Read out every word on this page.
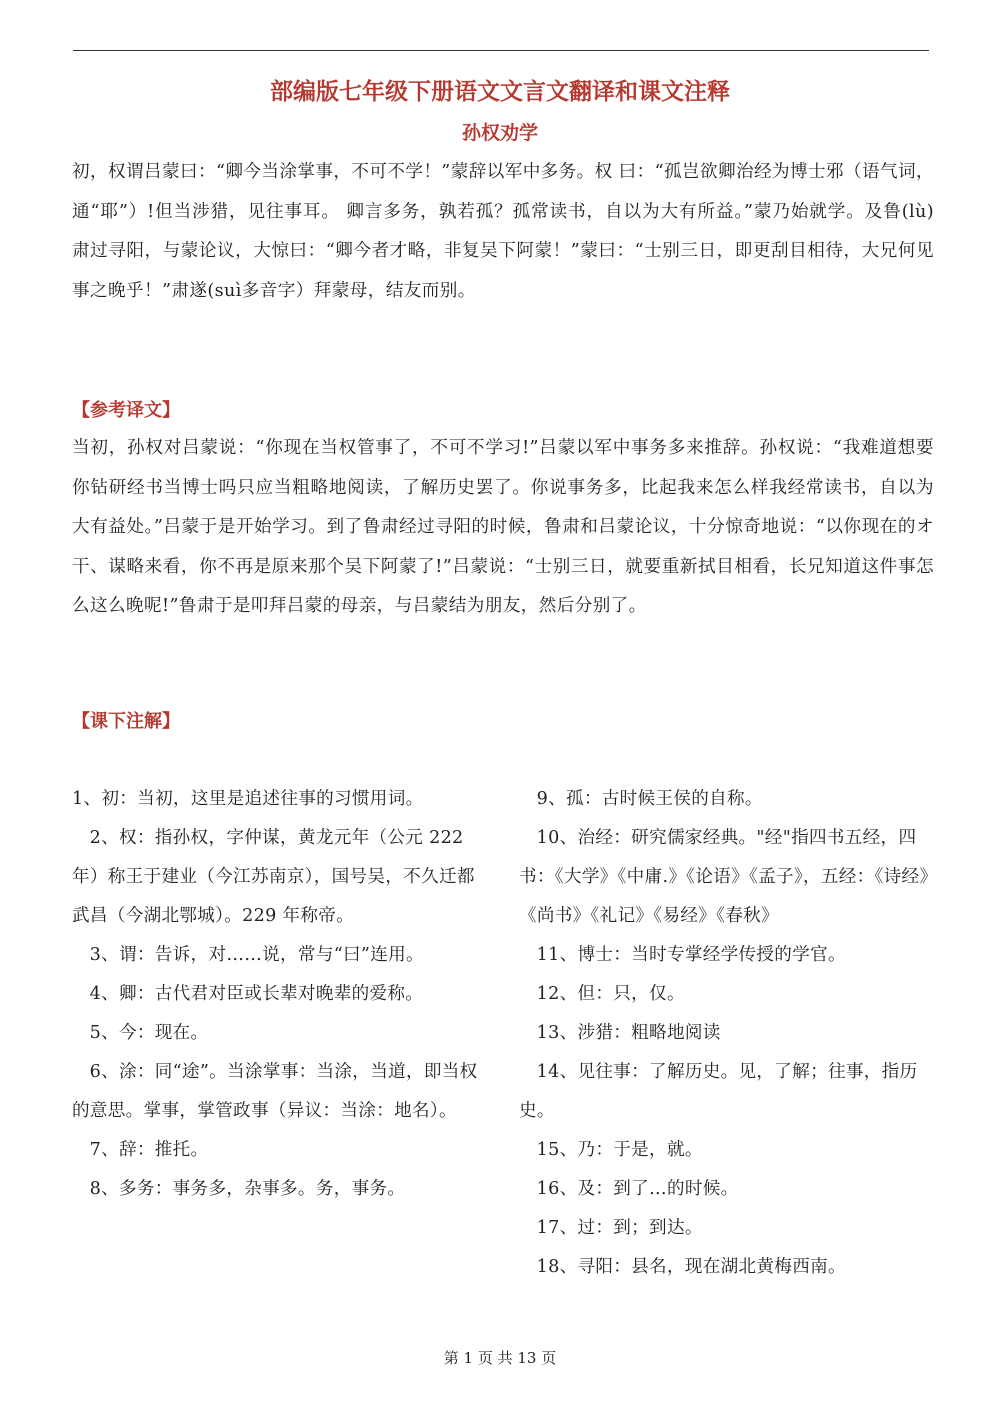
部编版七年级下册语文文言文翻译和课文注释
孙权劝学

初，权谓吕蒙曰：“卿今当涂掌事，不可不学！”蒙辞以军中多务。权 曰：“孤岂欲卿治经为博士邪（语气词，通“耶”）!但当涉猎，见往事耳。 卿言多务，孰若孤？孤常读书，自以为大有所益。”蒙乃始就学。及鲁(lù) 肃过寻阳，与蒙论议，大惊曰：“卿今者才略，非复吴下阿蒙！”蒙曰：“士别三日，即更刮目相待，大兄何见事之晚乎！”肃遂(suì多音字）拜蒙母，结友而别。

【参考译文】

当初，孙权对吕蒙说：“你现在当权管事了，不可不学习!”吕蒙以军中事务多来推辞。孙权说：“我难道想要你钻研经书当博士吗只应当粗略地阅读，了解历史罢了。你说事务多，比起我来怎么样我经常读书，自以为大有益处。”吕蒙于是开始学习。到了鲁肃经过寻阳的时候，鲁肃和吕蒙论议，十分惊奇地说：“以你现在的オ干、谋略来看，你不再是原来那个吴下阿蒙了!”吕蒙说：“士别三日，就要重新拭目相看，长兄知道这件事怎么这么晚呢!”鲁肃于是叩拜吕蒙的母亲，与吕蒙结为朋友，然后分别了。

【课下注解】
1、初：当初，这里是追述往事的习惯用词。
2、权：指孙权，字仲谋，黄龙元年（公元 222 年）称王于建业（今江苏南京），国号吴，不久迁都武昌（今湖北鄂城）。229 年称帝。
3、谓：告诉，对……说，常与“曰”连用。
4、卿：古代君对臣或长辈对晚辈的爱称。
5、今：现在。
6、涂：同“途”。当涂掌事：当涂，当道，即当权的意思。掌事，掌管政事（异议：当涂：地名）。
7、辞：推托。
8、多务：事务多，杂事多。务，事务。
9、孤：古时候王侯的自称。
10、治经：研究儒家经典。"经"指四书五经，四书：《大学》《中庸.》《论语》《孟子》，五经：《诗经》《尚书》《礼记》《易经》《春秋》
11、博士：当时专掌经学传授的学官。
12、但：只，仅。
13、涉猎：粗略地阅读
14、见往事：了解历史。见，了解；往事，指历史。
15、乃：于是，就。
16、及：到了…的时候。
17、过：到；到达。
18、寻阳：县名，现在湖北黄梅西南。

第 1 页 共 13 页
